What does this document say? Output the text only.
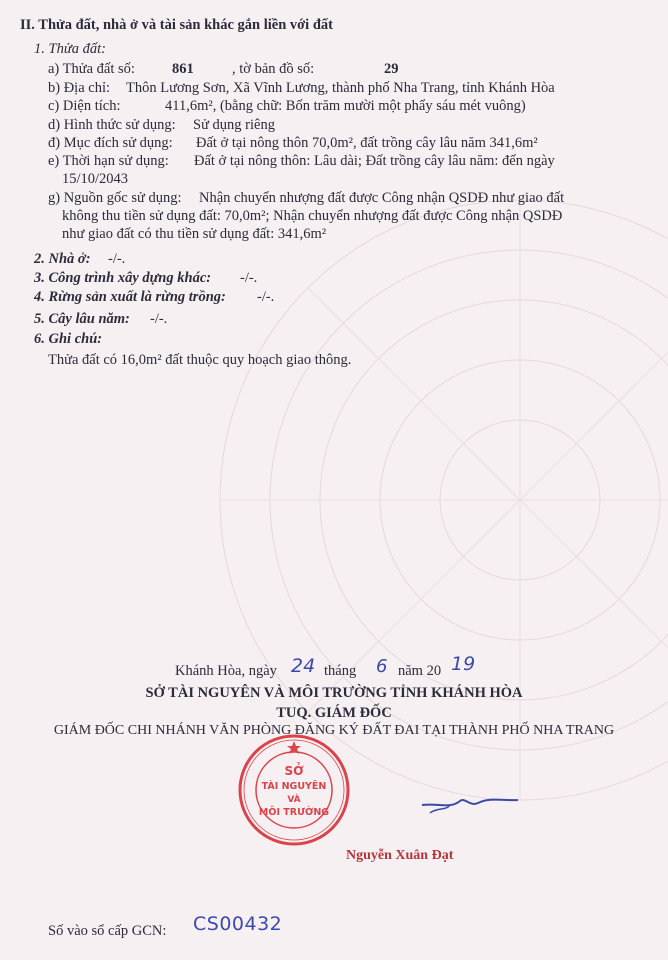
II. Thửa đất, nhà ở và tài sản khác gắn liền với đất
1. Thửa đất:
a) Thửa đất số:	861	, tờ bản đồ số:	29
b) Địa chỉ: Thôn Lương Sơn, Xã Vĩnh Lương, thành phố Nha Trang, tỉnh Khánh Hòa
c) Diện tích:	411,6m², (bằng chữ: Bốn trăm mười một phẩy sáu mét vuông)
d) Hình thức sử dụng: Sử dụng riêng
đ) Mục đích sử dụng: Đất ở tại nông thôn 70,0m², đất trồng cây lâu năm 341,6m²
e) Thời hạn sử dụng: Đất ở tại nông thôn: Lâu dài; Đất trồng cây lâu năm: đến ngày
15/10/2043
g) Nguồn gốc sử dụng: Nhận chuyển nhượng đất được Công nhận QSDĐ như giao đất
không thu tiền sử dụng đất: 70,0m²; Nhận chuyển nhượng đất được Công nhận QSDĐ
như giao đất có thu tiền sử dụng đất: 341,6m²
2. Nhà ở: -/-.
3. Công trình xây dựng khác: -/-.
4. Rừng sản xuất là rừng trồng: -/-.
5. Cây lâu năm: -/-.
6. Ghi chú:
Thửa đất có 16,0m² đất thuộc quy hoạch giao thông.
Khánh Hòa, ngày 24 tháng 6 năm 20 19
SỞ TÀI NGUYÊN VÀ MÔI TRƯỜNG TỈNH KHÁNH HÒA
TUQ. GIÁM ĐỐC
GIÁM ĐỐC CHI NHÁNH VĂN PHÒNG ĐĂNG KÝ ĐẤT ĐAI TẠI THÀNH PHỐ NHA TRANG
SỞ
TÀI NGUYÊN
VÀ
MÔI TRƯỜNG
Nguyễn Xuân Đạt
Số vào sổ cấp GCN: CS00432
